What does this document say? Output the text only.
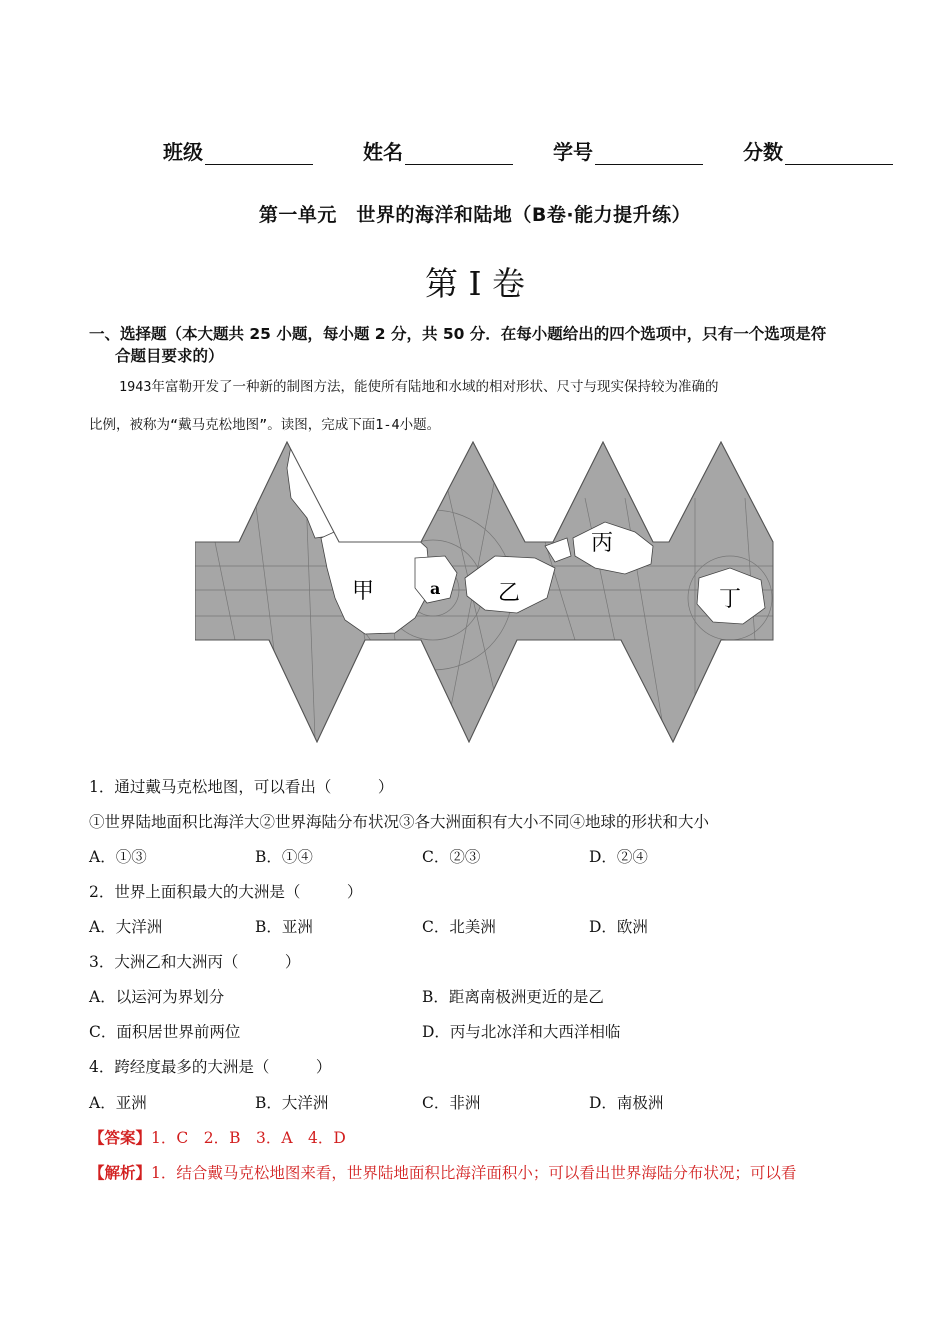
班级	姓名	学号	分数
第一单元　世界的海洋和陆地（B卷·能力提升练）
第 I 卷
一、选择题（本大题共 25 小题，每小题 2 分，共 50 分．在每小题给出的四个选项中，只有一个选项是符
合题目要求的）
1943年富勒开发了一种新的制图方法，能使所有陆地和水域的相对形状、尺寸与现实保持较为准确的
比例，被称为“戴马克松地图”。读图，完成下面1-4小题。
甲	a	乙
丙
丁
1．通过戴马克松地图，可以看出（　　　）
①世界陆地面积比海洋大②世界海陆分布状况③各大洲面积有大小不同④地球的形状和大小
A．①③	B．①④	C．②③	D．②④
2．世界上面积最大的大洲是（　　　）
A．大洋洲	B．亚洲	C．北美洲	D．欧洲
3．大洲乙和大洲丙（　　　）
A．以运河为界划分	B．距离南极洲更近的是乙
C．面积居世界前两位	D．丙与北冰洋和大西洋相临
4．跨经度最多的大洲是（　　　）
A．亚洲	B．大洋洲	C．非洲	D．南极洲
【答案】1．C　2．B　3．A　4．D
【解析】1．结合戴马克松地图来看，世界陆地面积比海洋面积小；可以看出世界海陆分布状况；可以看
